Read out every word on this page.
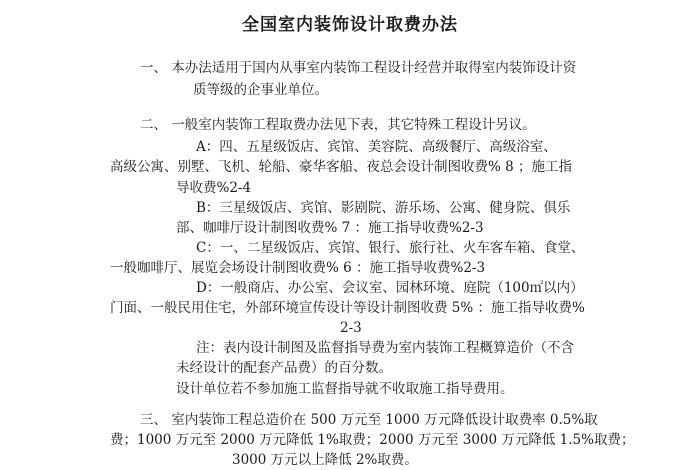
全国室内装饰设计取费办法
一、 本办法适用于国内从事室内装饰工程设计经营并取得室内装饰设计资
质等级的企事业单位。
二、 一般室内装饰工程取费办法见下表，其它特殊工程设计另议。
A：四、五星级饭店、宾馆、美容院、高级餐厅、高级浴室、
高级公寓、别墅、飞机、轮船、豪华客船、夜总会设计制图收费% 8 ；施工指
导收费%2-4
B：三星级饭店、宾馆、影剧院、游乐场、公寓、健身院、俱乐
部、咖啡厅设计制图收费% 7 ：施工指导收费%2-3
C：一、二星级饭店、宾馆、银行、旅行社、火车客车箱、食堂、
一般咖啡厅、展览会场设计制图收费% 6 ：施工指导收费%2-3
D：一般商店、办公室、会议室、园林环境、庭院（100㎡以内）
门面、一般民用住宅，外部环境宣传设计等设计制图收费 5% ：施工指导收费%
2-3
注：表内设计制图及监督指导费为室内装饰工程概算造价（不含
未经设计的配套产品费）的百分数。
设计单位若不参加施工监督指导就不收取施工指导费用。
三、 室内装饰工程总造价在 500 万元至 1000 万元降低设计取费率 0.5%取
费；1000 万元至 2000 万元降低 1%取费；2000 万元至 3000 万元降低 1.5%取费；
3000 万元以上降低 2%取费。
